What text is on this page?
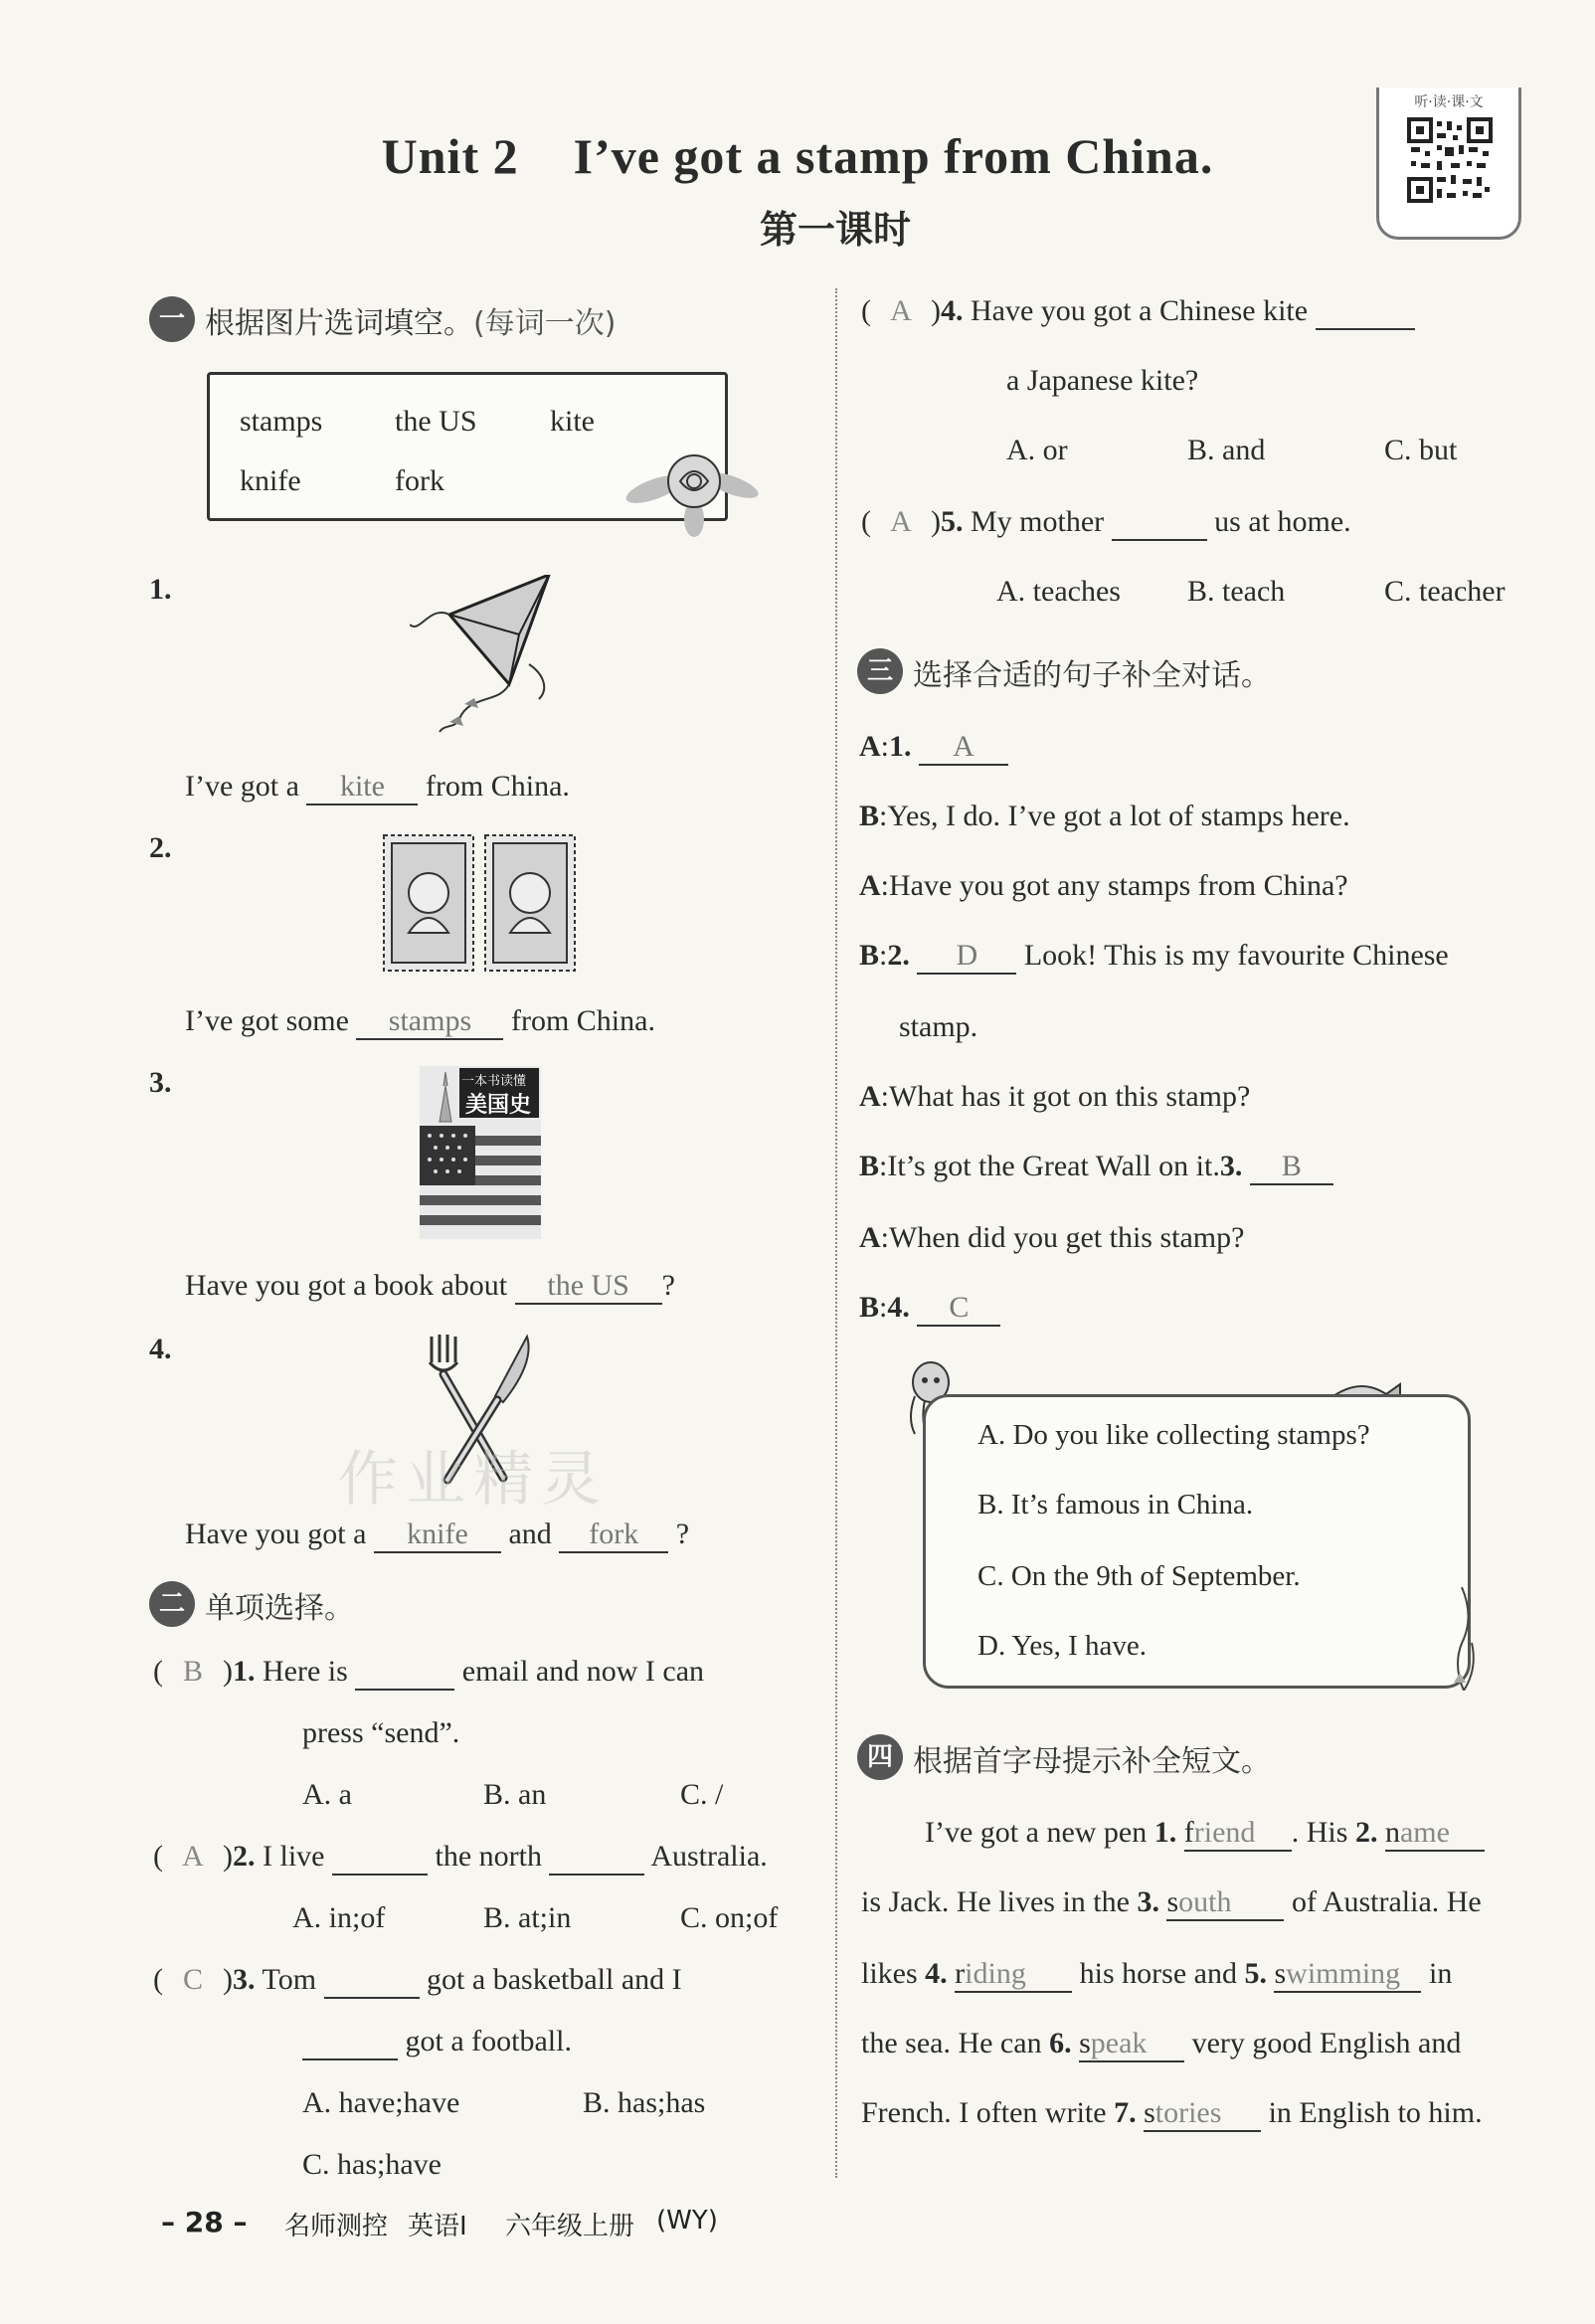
Unit 2 I’ve got a stamp from China.
第一课时
听·读·课·文
一 根据图片选词填空。(每词一次)
stamps the US kite
knife	fork
1.
I’ve got a kite from China.
2.
I’ve got some stamps from China.
3.	一本书读懂
美国史
Have you got a book about the US ?
4.
作业精灵
Have you got a knife and fork ?
二 单项选择。
( B )1. Here is	email and now I can
press “send”.
A. a	B. an	C. /
( A )2. I live	the north	Australia.
A. in;of	B. at;in	C. on;of
( C )3. Tom	got a basketball and I
got a football.
A. have;have	B. has;has
C. has;have
( A )4. Have you got a Chinese kite
a Japanese kite?
A. or	B. and	C. but
( A )5. My mother	us at home.
A. teaches B. teach	C. teacher
三 选择合适的句子补全对话。
A:1. A
B:Yes, I do. I’ve got a lot of stamps here.
A:Have you got any stamps from China?
B:2. D Look! This is my favourite Chinese
stamp.
A:What has it got on this stamp?
B:It’s got the Great Wall on it.3. B
A:When did you get this stamp?
B:4. C
A. Do you like collecting stamps?
B. It’s famous in China.
C. On the 9th of September.
D. Yes, I have.
四 根据首字母提示补全短文。
I’ve got a new pen 1. friend . His 2. name
is Jack. He lives in the 3. south of Australia. He
likes 4. riding his horse and 5. swimming in
the sea. He can 6. speak very good English and
French. I often write 7. stories in English to him.
– 28 – 名师测控 英语Ⅰ 六年级上册 (WY)
